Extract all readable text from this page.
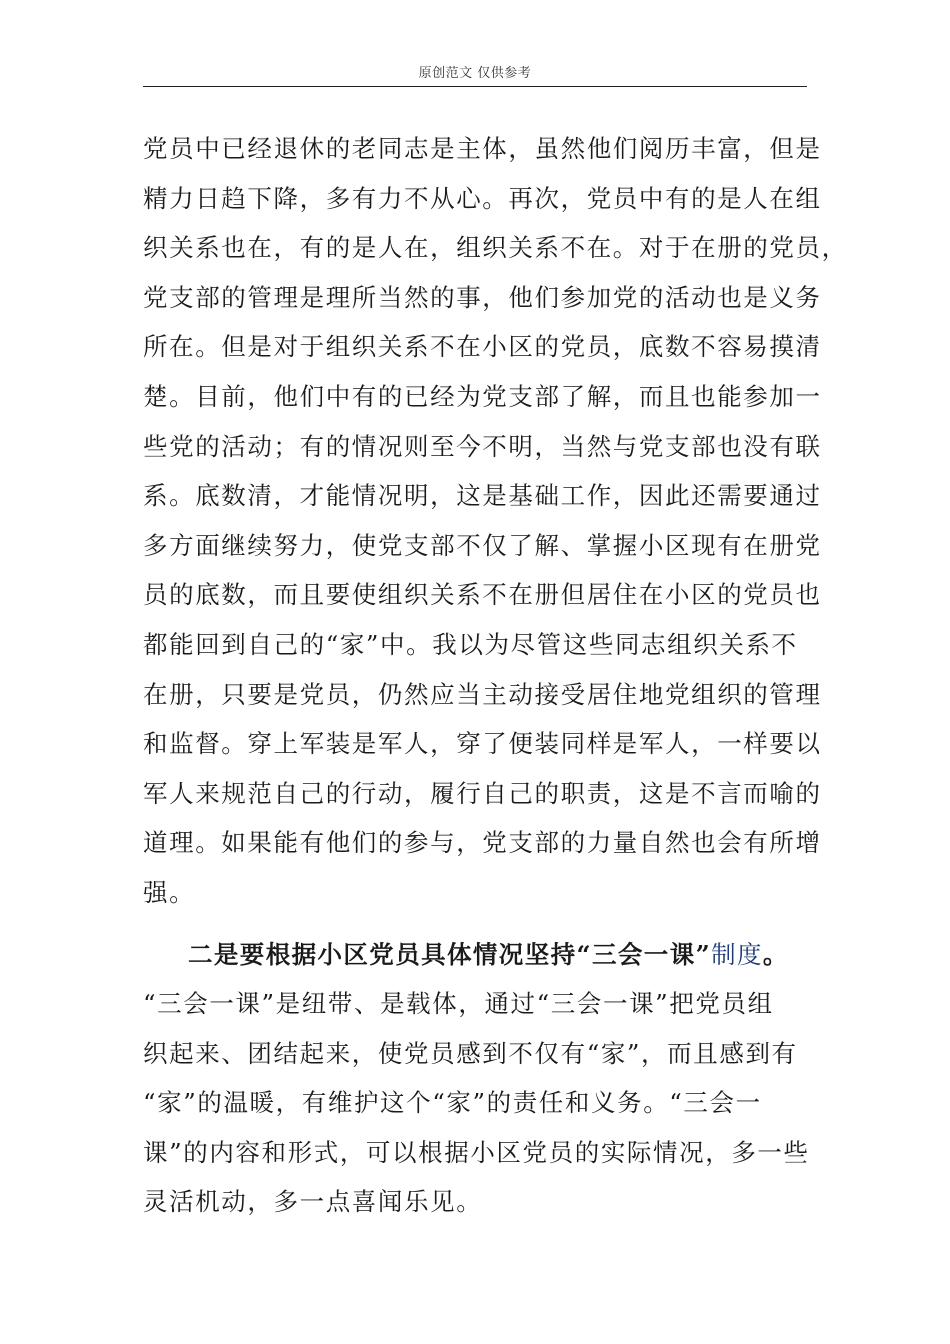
原创范文 仅供参考
党员中已经退休的老同志是主体，虽然他们阅历丰富，但是
精力日趋下降，多有力不从心。再次，党员中有的是人在组
织关系也在，有的是人在，组织关系不在。对于在册的党员，
党支部的管理是理所当然的事，他们参加党的活动也是义务
所在。但是对于组织关系不在小区的党员，底数不容易摸清
楚。目前，他们中有的已经为党支部了解，而且也能参加一
些党的活动；有的情况则至今不明，当然与党支部也没有联
系。底数清，才能情况明，这是基础工作，因此还需要通过
多方面继续努力，使党支部不仅了解、掌握小区现有在册党
员的底数，而且要使组织关系不在册但居住在小区的党员也
都能回到自己的“家”中。我以为尽管这些同志组织关系不
在册，只要是党员，仍然应当主动接受居住地党组织的管理
和监督。穿上军装是军人，穿了便装同样是军人，一样要以
军人来规范自己的行动，履行自己的职责，这是不言而喻的
道理。如果能有他们的参与，党支部的力量自然也会有所增
强。
二是要根据小区党员具体情况坚持“三会一课”制度。
“三会一课”是纽带、是载体，通过“三会一课”把党员组
织起来、团结起来，使党员感到不仅有“家”，而且感到有
“家”的温暖，有维护这个“家”的责任和义务。“三会一
课”的内容和形式，可以根据小区党员的实际情况，多一些
灵活机动，多一点喜闻乐见。
